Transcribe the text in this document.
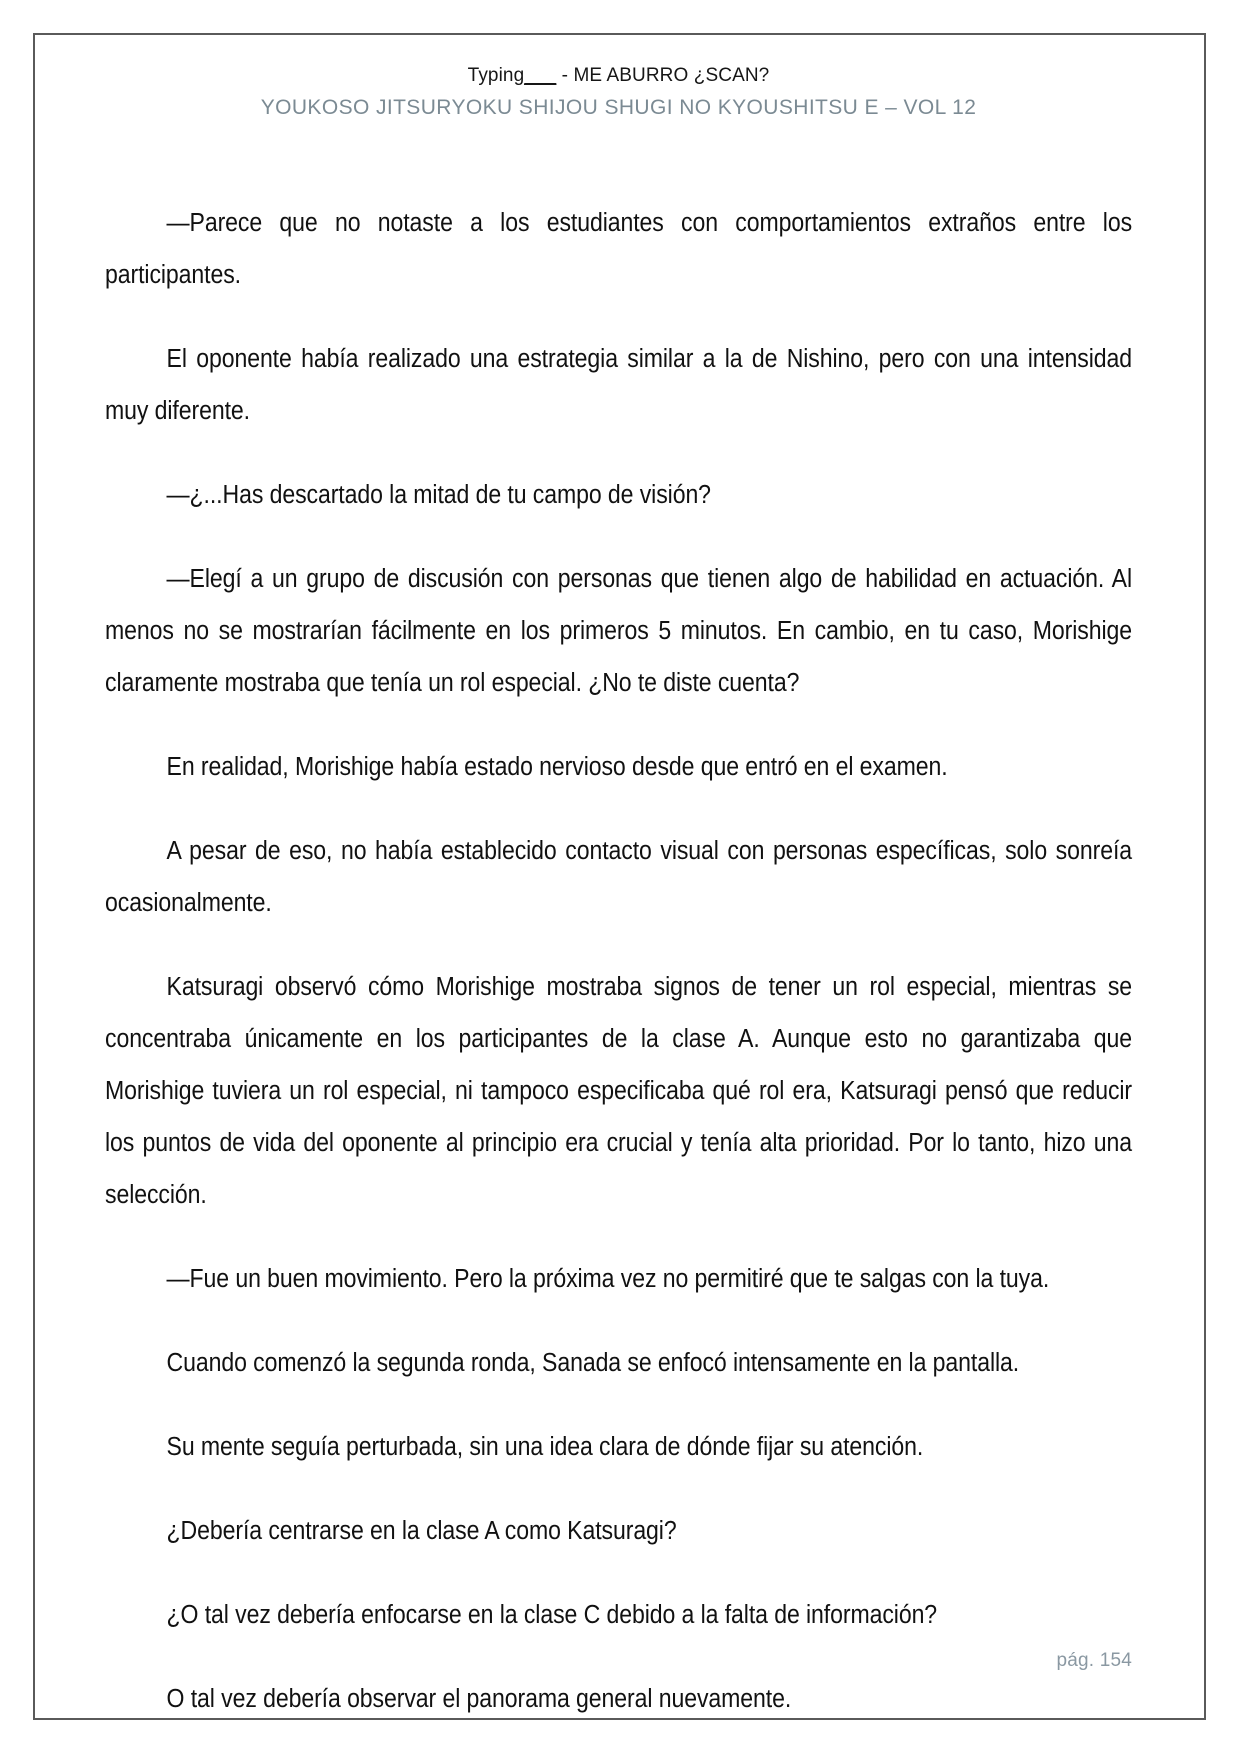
Typing___ - ME ABURRO ¿SCAN?
YOUKOSO JITSURYOKU SHIJOU SHUGI NO KYOUSHITSU E – VOL 12

—Parece que no notaste a los estudiantes con comportamientos extraños entre los participantes.

El oponente había realizado una estrategia similar a la de Nishino, pero con una intensidad muy diferente.

—¿...Has descartado la mitad de tu campo de visión?

—Elegí a un grupo de discusión con personas que tienen algo de habilidad en actuación. Al menos no se mostrarían fácilmente en los primeros 5 minutos. En cambio, en tu caso, Morishige claramente mostraba que tenía un rol especial. ¿No te diste cuenta?

En realidad, Morishige había estado nervioso desde que entró en el examen.

A pesar de eso, no había establecido contacto visual con personas específicas, solo sonreía ocasionalmente.

Katsuragi observó cómo Morishige mostraba signos de tener un rol especial, mientras se concentraba únicamente en los participantes de la clase A. Aunque esto no garantizaba que Morishige tuviera un rol especial, ni tampoco especificaba qué rol era, Katsuragi pensó que reducir los puntos de vida del oponente al principio era crucial y tenía alta prioridad. Por lo tanto, hizo una selección.

—Fue un buen movimiento. Pero la próxima vez no permitiré que te salgas con la tuya.

Cuando comenzó la segunda ronda, Sanada se enfocó intensamente en la pantalla.

Su mente seguía perturbada, sin una idea clara de dónde fijar su atención.

¿Debería centrarse en la clase A como Katsuragi?

¿O tal vez debería enfocarse en la clase C debido a la falta de información?

O tal vez debería observar el panorama general nuevamente.

pág. 154
